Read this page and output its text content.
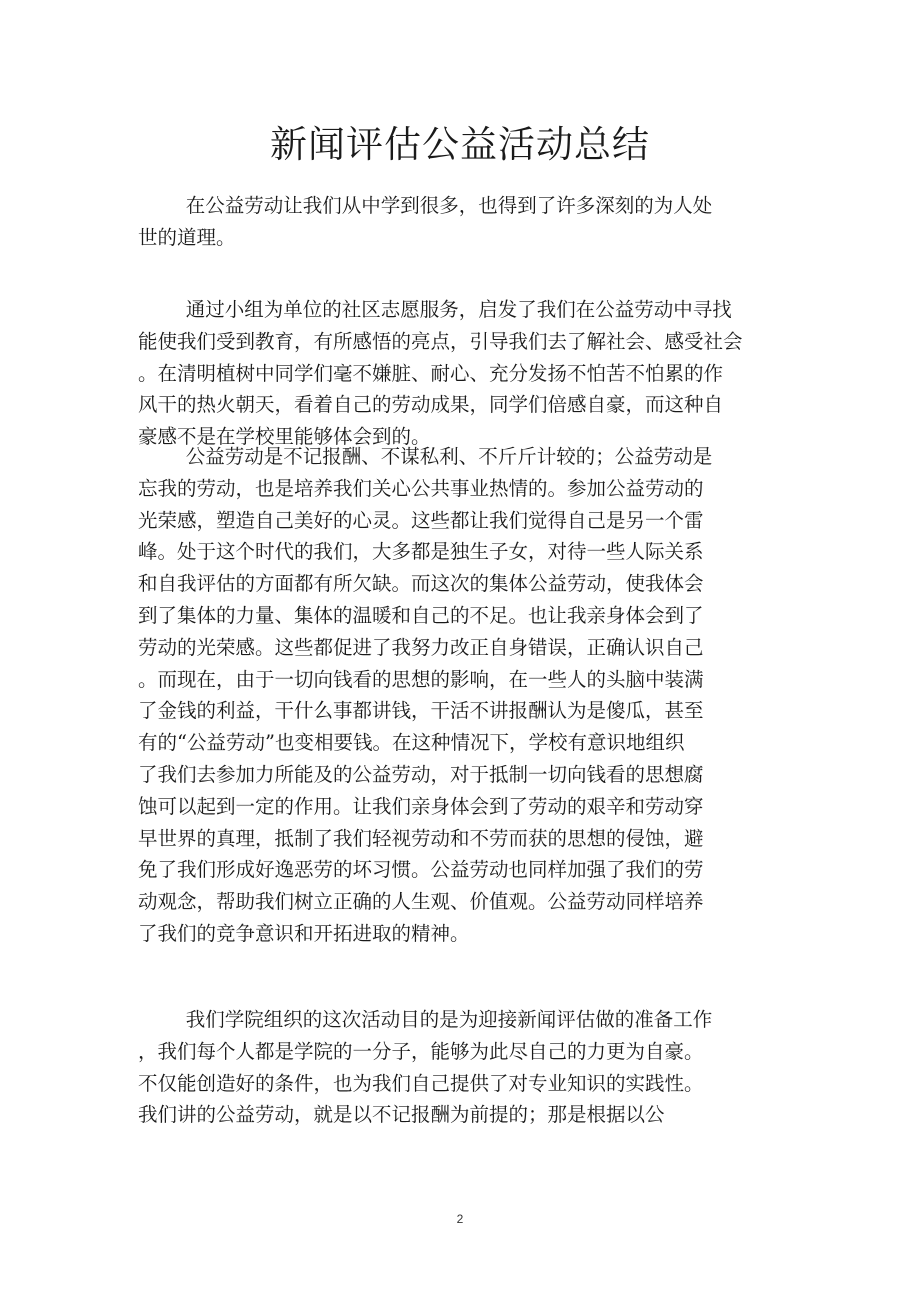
新闻评估公益活动总结
在公益劳动让我们从中学到很多，也得到了许多深刻的为人处
世的道理。
通过小组为单位的社区志愿服务，启发了我们在公益劳动中寻找
能使我们受到教育，有所感悟的亮点，引导我们去了解社会、感受社会
。在清明植树中同学们毫不嫌脏、耐心、充分发扬不怕苦不怕累的作
风干的热火朝天，看着自己的劳动成果，同学们倍感自豪，而这种自
豪感不是在学校里能够体会到的。
公益劳动是不记报酬、不谋私利、不斤斤计较的；公益劳动是
忘我的劳动，也是培养我们关心公共事业热情的。参加公益劳动的
光荣感，塑造自己美好的心灵。这些都让我们觉得自己是另一个雷
峰。处于这个时代的我们，大多都是独生子女，对待一些人际关系
和自我评估的方面都有所欠缺。而这次的集体公益劳动，使我体会
到了集体的力量、集体的温暖和自己的不足。也让我亲身体会到了
劳动的光荣感。这些都促进了我努力改正自身错误，正确认识自己
。而现在，由于一切向钱看的思想的影响，在一些人的头脑中装满
了金钱的利益，干什么事都讲钱，干活不讲报酬认为是傻瓜，甚至
有的“公益劳动”也变相要钱。在这种情况下，学校有意识地组织
了我们去参加力所能及的公益劳动，对于抵制一切向钱看的思想腐
蚀可以起到一定的作用。让我们亲身体会到了劳动的艰辛和劳动穿
早世界的真理，抵制了我们轻视劳动和不劳而获的思想的侵蚀，避
免了我们形成好逸恶劳的坏习惯。公益劳动也同样加强了我们的劳
动观念，帮助我们树立正确的人生观、价值观。公益劳动同样培养
了我们的竞争意识和开拓进取的精神。
我们学院组织的这次活动目的是为迎接新闻评估做的准备工作
，我们每个人都是学院的一分子，能够为此尽自己的力更为自豪。
不仅能创造好的条件，也为我们自己提供了对专业知识的实践性。
我们讲的公益劳动，就是以不记报酬为前提的；那是根据以公
2
